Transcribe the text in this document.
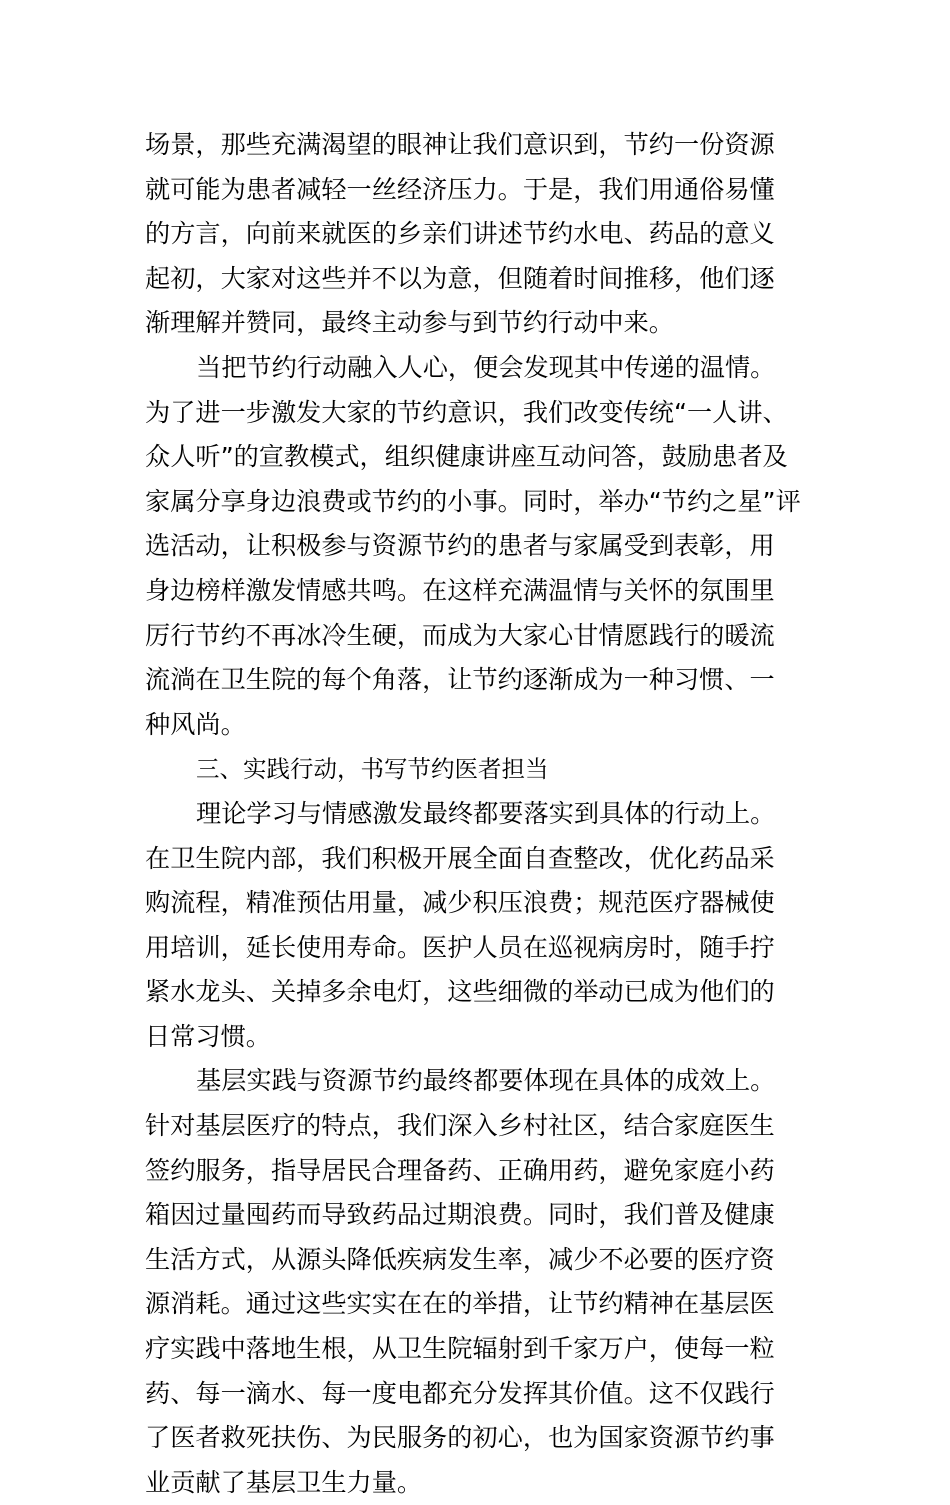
场景，那些充满渴望的眼神让我们意识到，节约一份资源
就可能为患者减轻一丝经济压力。于是，我们用通俗易懂
的方言，向前来就医的乡亲们讲述节约水电、药品的意义
起初，大家对这些并不以为意，但随着时间推移，他们逐
渐理解并赞同，最终主动参与到节约行动中来。
当把节约行动融入人心，便会发现其中传递的温情。
为了进一步激发大家的节约意识，我们改变传统“一人讲、
众人听”的宣教模式，组织健康讲座互动问答，鼓励患者及
家属分享身边浪费或节约的小事。同时，举办“节约之星”评
选活动，让积极参与资源节约的患者与家属受到表彰，用
身边榜样激发情感共鸣。在这样充满温情与关怀的氛围里
厉行节约不再冰冷生硬，而成为大家心甘情愿践行的暖流
流淌在卫生院的每个角落，让节约逐渐成为一种习惯、一
种风尚。
三、实践行动，书写节约医者担当
理论学习与情感激发最终都要落实到具体的行动上。
在卫生院内部，我们积极开展全面自查整改，优化药品采
购流程，精准预估用量，减少积压浪费；规范医疗器械使
用培训，延长使用寿命。医护人员在巡视病房时，随手拧
紧水龙头、关掉多余电灯，这些细微的举动已成为他们的
日常习惯。
基层实践与资源节约最终都要体现在具体的成效上。
针对基层医疗的特点，我们深入乡村社区，结合家庭医生
签约服务，指导居民合理备药、正确用药，避免家庭小药
箱因过量囤药而导致药品过期浪费。同时，我们普及健康
生活方式，从源头降低疾病发生率，减少不必要的医疗资
源消耗。通过这些实实在在的举措，让节约精神在基层医
疗实践中落地生根，从卫生院辐射到千家万户，使每一粒
药、每一滴水、每一度电都充分发挥其价值。这不仅践行
了医者救死扶伤、为民服务的初心，也为国家资源节约事
业贡献了基层卫生力量。
